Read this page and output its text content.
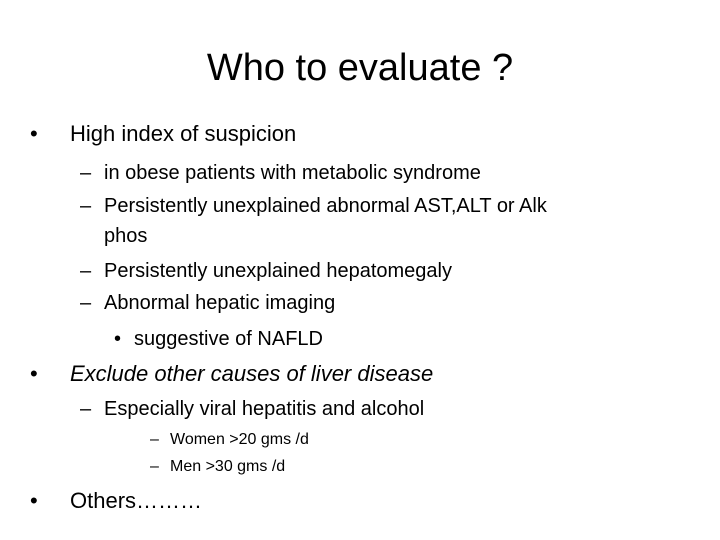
Who to evaluate ?
• High index of suspicion
– in obese patients with metabolic syndrome
– Persistently unexplained abnormal AST,ALT or Alk
phos
– Persistently unexplained hepatomegaly
– Abnormal hepatic imaging
• suggestive of NAFLD
• Exclude other causes of liver disease
– Especially viral hepatitis and alcohol
– Women >20 gms /d
– Men >30 gms /d
• Others………
